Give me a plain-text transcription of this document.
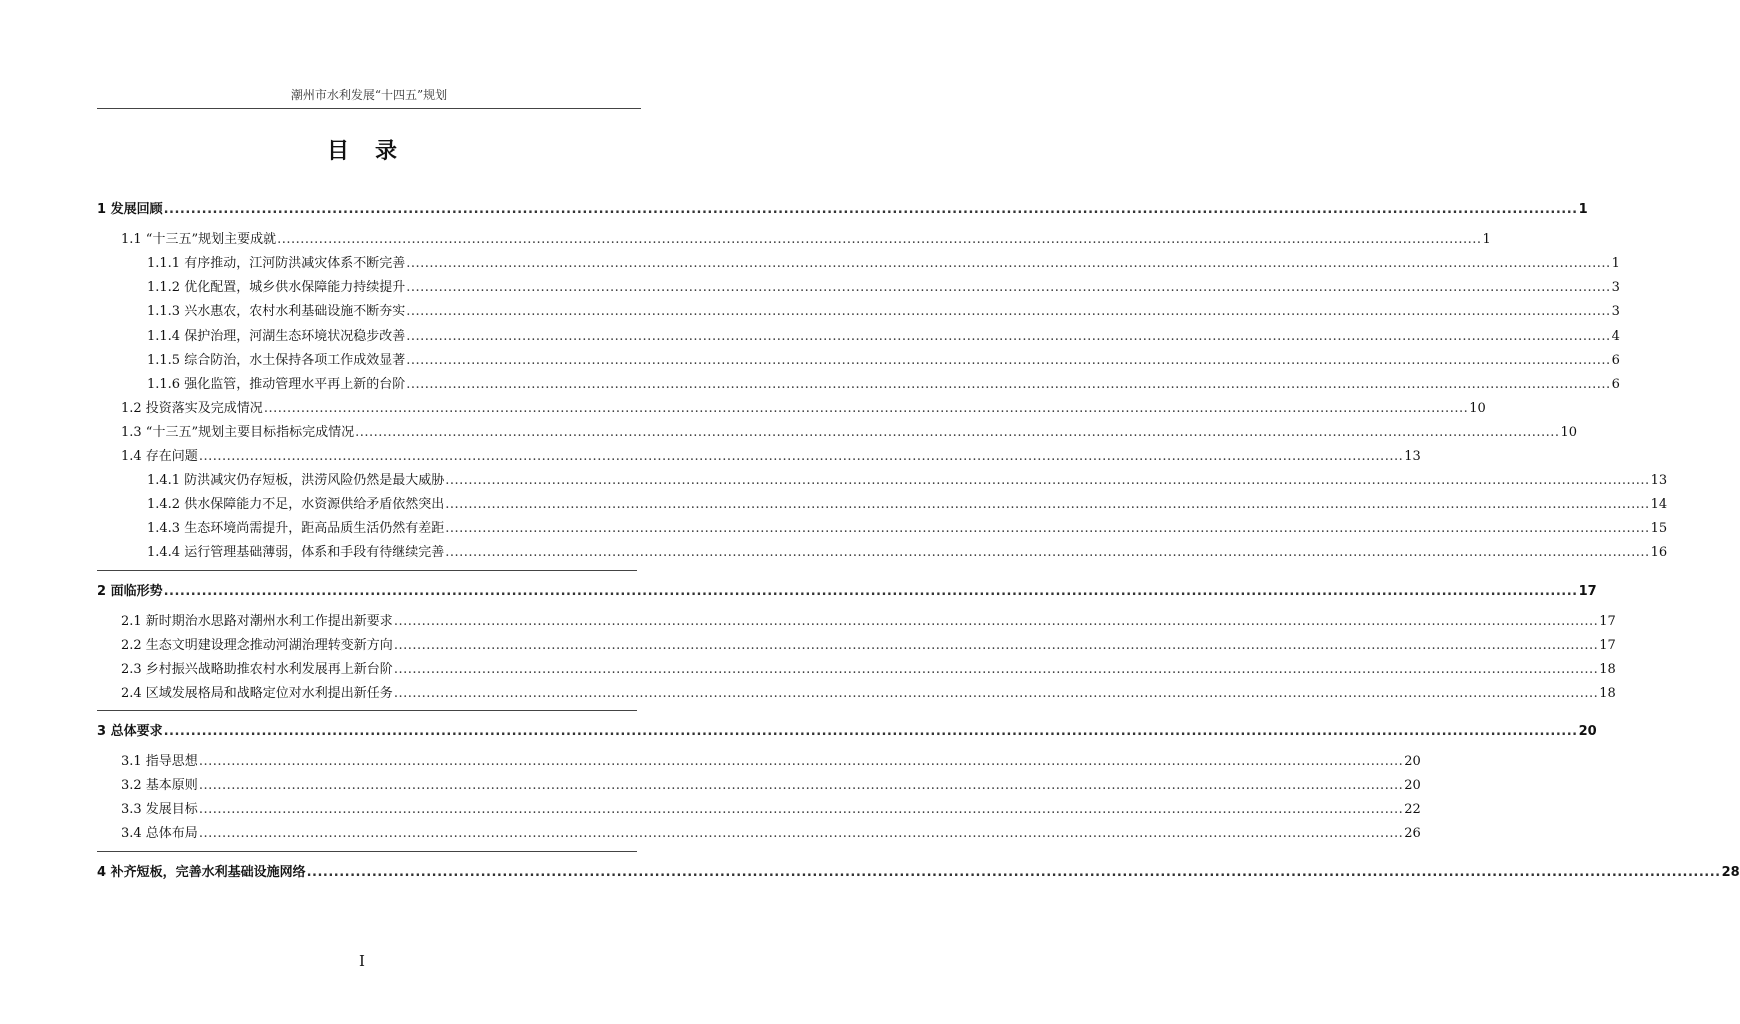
潮州市水利发展“十四五”规划
目录
1 发展回顾 .................................................................................................................................................................................................................................................................... 1
1.1 “十三五”规划主要成就 .................................................................................................................................................................................................................................................................... 1
1.1.1 有序推动，江河防洪减灾体系不断完善 .................................................................................................................................................................................................................................................................... 1
1.1.2 优化配置，城乡供水保障能力持续提升 .................................................................................................................................................................................................................................................................... 3
1.1.3 兴水惠农，农村水利基础设施不断夯实 .................................................................................................................................................................................................................................................................... 3
1.1.4 保护治理，河湖生态环境状况稳步改善 .................................................................................................................................................................................................................................................................... 4
1.1.5 综合防治，水土保持各项工作成效显著 .................................................................................................................................................................................................................................................................... 6
1.1.6 强化监管，推动管理水平再上新的台阶 .................................................................................................................................................................................................................................................................... 6
1.2 投资落实及完成情况 .................................................................................................................................................................................................................................................................... 10
1.3 “十三五”规划主要目标指标完成情况 .................................................................................................................................................................................................................................................................... 10
1.4 存在问题 .................................................................................................................................................................................................................................................................... 13
1.4.1 防洪减灾仍存短板，洪涝风险仍然是最大威胁 .................................................................................................................................................................................................................................................................... 13
1.4.2 供水保障能力不足，水资源供给矛盾依然突出 .................................................................................................................................................................................................................................................................... 14
1.4.3 生态环境尚需提升，距高品质生活仍然有差距 .................................................................................................................................................................................................................................................................... 15
1.4.4 运行管理基础薄弱，体系和手段有待继续完善 .................................................................................................................................................................................................................................................................... 16
2 面临形势 .................................................................................................................................................................................................................................................................... 17
2.1 新时期治水思路对潮州水利工作提出新要求 .................................................................................................................................................................................................................................................................... 17
2.2 生态文明建设理念推动河湖治理转变新方向 .................................................................................................................................................................................................................................................................... 17
2.3 乡村振兴战略助推农村水利发展再上新台阶 .................................................................................................................................................................................................................................................................... 18
2.4 区域发展格局和战略定位对水利提出新任务 .................................................................................................................................................................................................................................................................... 18
3 总体要求 .................................................................................................................................................................................................................................................................... 20
3.1 指导思想 .................................................................................................................................................................................................................................................................... 20
3.2 基本原则 .................................................................................................................................................................................................................................................................... 20
3.3 发展目标 .................................................................................................................................................................................................................................................................... 22
3.4 总体布局 .................................................................................................................................................................................................................................................................... 26
4 补齐短板，完善水利基础设施网络 .................................................................................................................................................................................................................................................................... 28
I
